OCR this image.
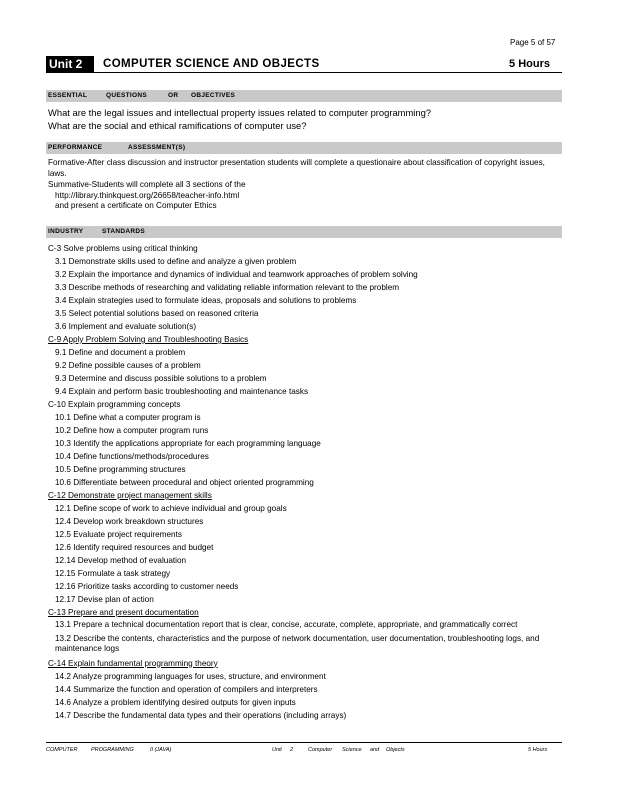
Page 5 of 57
Unit 2	COMPUTER SCIENCE AND OBJECTS	5 Hours
ESSENTIAL	QUESTIONS	OR OBJECTIVES
What are the legal issues and intellectual property issues related to computer programming?
What are the social and ethical ramifications of computer use?
PERFORMANCE	ASSESSMENT(S)
Formative-After class discussion and instructor presentation students will complete a questionaire about classification of copyright issues, laws.
Summative-Students will complete all 3 sections of the
http://library.thinkquest.org/26658/teacher-info.html
and present a certificate on Computer Ethics
INDUSTRY	STANDARDS
C-3 Solve problems using critical thinking
3.1 Demonstrate skills used to define and analyze a given problem
3.2 Explain the importance and dynamics of individual and teamwork approaches of problem solving
3.3 Describe methods of researching and validating reliable information relevant to the problem
3.4 Explain strategies used to formulate ideas, proposals and solutions to problems
3.5 Select potential solutions based on reasoned criteria
3.6 Implement and evaluate solution(s)
C-9 Apply Problem Solving and Troubleshooting Basics
9.1 Define and document a problem
9.2 Define possible causes of a problem
9.3 Determine and discuss possible solutions to a problem
9.4 Explain and perform basic troubleshooting and maintenance tasks
C-10 Explain programming concepts
10.1 Define what a computer program is
10.2 Define how a computer program runs
10.3 Identify the applications appropriate for each programming language
10.4 Define functions/methods/procedures
10.5 Define programming structures
10.6 Differentiate between procedural and object oriented programming
C-12 Demonstrate project management skills
12.1 Define scope of work to achieve individual and group goals
12.4 Develop work breakdown structures
12.5 Evaluate project requirements
12.6 Identify required resources and budget
12.14 Develop method of evaluation
12.15 Formulate a task strategy
12.16 Prioritize tasks according to customer needs
12.17 Devise plan of action
C-13 Prepare and present documentation
13.1 Prepare a technical documentation report that is clear, concise, accurate, complete, appropriate, and grammatically correct
13.2 Describe the contents, characteristics and the purpose of network documentation, user documentation, troubleshooting logs, and maintenance logs
C-14 Explain fundamental programming theory
14.2 Analyze programming languages for uses, structure, and environment
14.4 Summarize the function and operation of compilers and interpreters
14.6 Analyze a problem identifying desired outputs for given inputs
14.7 Describe the fundamental data types and their operations (including arrays)
COMPUTER PROGRAMMING	II (JAVA)	Unit 2	Computer Science and Objects	5 Hours
